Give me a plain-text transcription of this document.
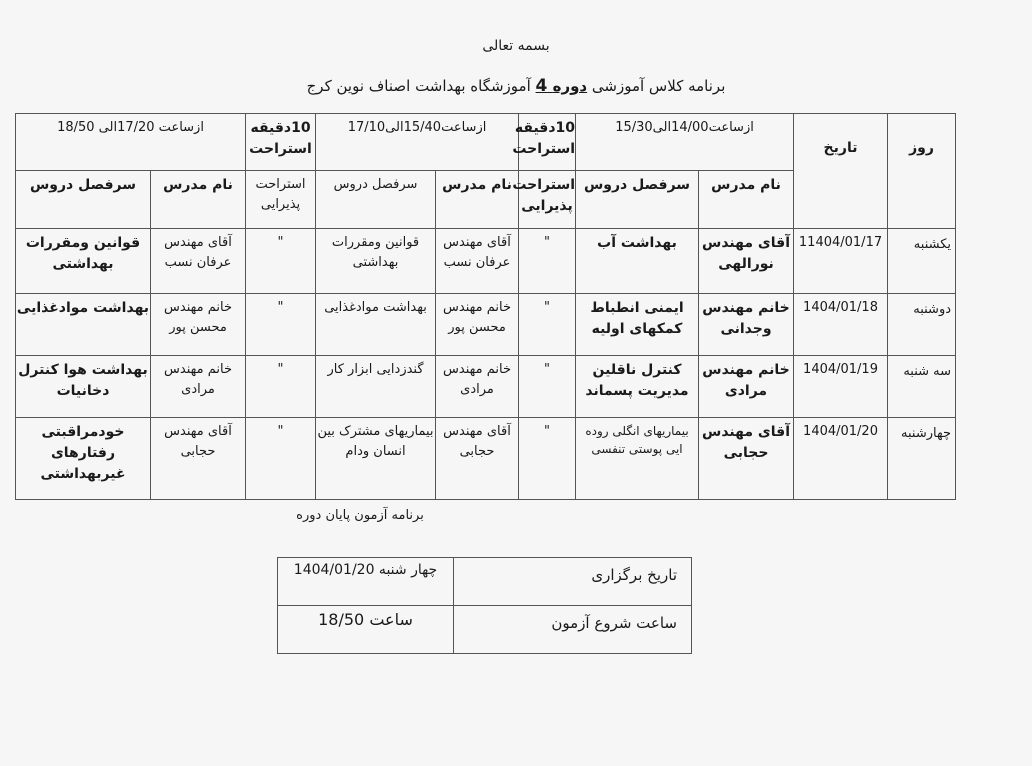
بسمه تعالی
برنامه کلاس آموزشی دوره 4 آموزشگاه بهداشت اصناف نوین کرج
ازساعت 17/20الی 18/50		10دقیقه استراحت	ازساعت15/40الی17/10		10دقیقه استراحت	ازساعت14/00الی15/30		تاریخ	روز
سرفصل دروس	نام مدرس	استراحت پذیرایی	سرفصل دروس	نام مدرس	استراحت پذیرایی	سرفصل دروس	نام مدرس		
قوانین ومقررات بهداشتی	آقای مهندس عرفان نسب	"	قوانین ومقررات بهداشتی	آقای مهندس عرفان نسب	"	بهداشت آب	آقای مهندس نورالهی	11404/01/17	یکشنبه
بهداشت موادغذایی	خانم مهندس محسن پور	"	بهداشت موادغذایی	خانم مهندس محسن پور	"	ایمنی انطباط کمکهای اولیه	خانم مهندس وجدانی	1404/01/18	دوشنبه
بهداشت هوا کنترل دخانیات	خانم مهندس مرادی	"	گندزدایی ابزار کار	خانم مهندس مرادی	"	کنترل ناقلین مدیریت پسماند	خانم مهندس مرادی	1404/01/19	سه شنبه
خودمراقبتی رفتارهای غیربهداشتی	آقای مهندس حجابی	"	بیماریهای مشترک بین انسان ودام	آقای مهندس حجابی	"	بیماریهای انگلی روده ایی پوستی تنفسی	آقای مهندس حجابی	1404/01/20	چهارشنبه
برنامه آزمون پایان دوره
چهار شنبه 1404/01/20	تاریخ برگزاری
ساعت 18/50	ساعت شروع آزمون
